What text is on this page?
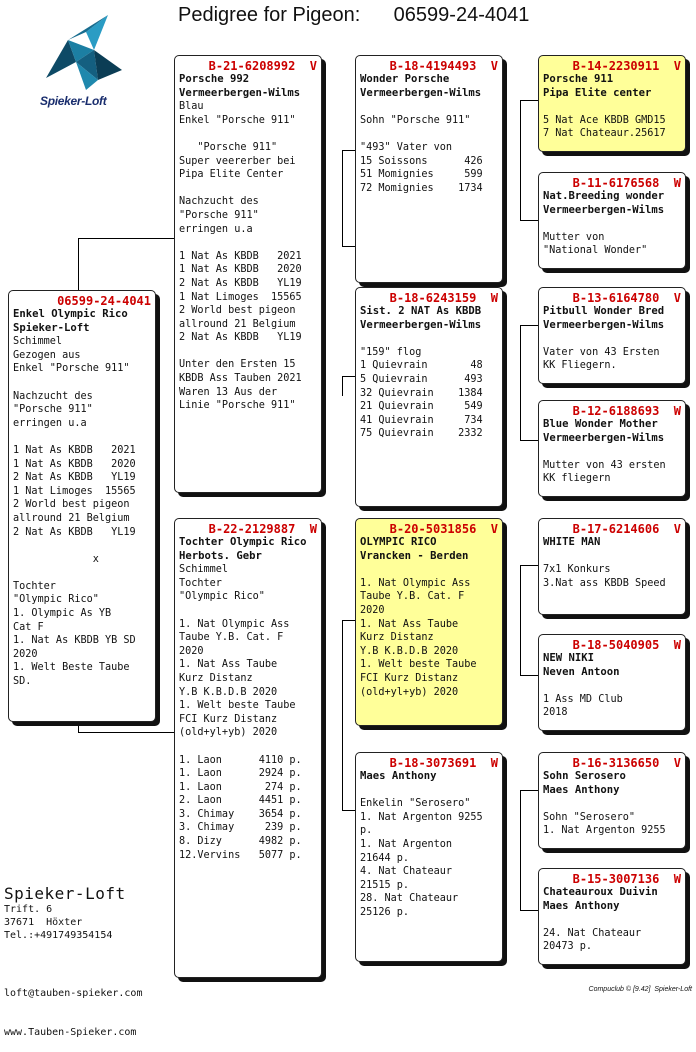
Pedigree for Pigeon:      06599-24-4041
Spieker-Loft
06599-24-4041
Enkel Olympic Rico
Spieker-Loft
Schimmel
Gezogen aus
Enkel "Porsche 911"
Nachzucht des
"Porsche 911"
erringen u.a
1 Nat As KBDB   2021
1 Nat As KBDB   2020
2 Nat As KBDB   YL19
1 Nat Limoges  15565
2 World best pigeon
allround 21 Belgium
2 Nat As KBDB   YL19
x
Tochter
"Olympic Rico"
1. Olympic As YB
Cat F
1. Nat As KBDB YB SD
2020
1. Welt Beste Taube
SD.
B-21-6208992  V
Porsche 992
Vermeerbergen-Wilms
Blau
Enkel "Porsche 911"
"Porsche 911"
Super veererber bei
Pipa Elite Center
Nachzucht des
"Porsche 911"
erringen u.a
1 Nat As KBDB   2021
1 Nat As KBDB   2020
2 Nat As KBDB   YL19
1 Nat Limoges  15565
2 World best pigeon
allround 21 Belgium
2 Nat As KBDB   YL19
Unter den Ersten 15
KBDB Ass Tauben 2021
Waren 13 Aus der
Linie "Porsche 911"
B-22-2129887  W
Tochter Olympic Rico
Herbots. Gebr
Schimmel
Tochter
"Olympic Rico"
1. Nat Olympic Ass
Taube Y.B. Cat. F
2020
1. Nat Ass Taube
Kurz Distanz
Y.B K.B.D.B 2020
1. Welt beste Taube
FCI Kurz Distanz
(old+yl+yb) 2020
1. Laon      4110 p.
1. Laon      2924 p.
1. Laon       274 p.
2. Laon      4451 p.
3. Chimay    3654 p.
3. Chimay     239 p.
8. Dizy      4982 p.
12.Vervins   5077 p.
B-18-4194493  V
Wonder Porsche
Vermeerbergen-Wilms
Sohn "Porsche 911"
"493" Vater von
15 Soissons      426
51 Momignies     599
72 Momignies    1734
B-18-6243159  W
Sist. 2 NAT As KBDB
Vermeerbergen-Wilms
"159" flog
1 Quievrain       48
5 Quievrain      493
32 Quievrain    1384
21 Quievrain     549
41 Quievrain     734
75 Quievrain    2332
B-20-5031856  V
OLYMPIC RICO
Vrancken - Berden
1. Nat Olympic Ass
Taube Y.B. Cat. F
2020
1. Nat Ass Taube
Kurz Distanz
Y.B K.B.D.B 2020
1. Welt beste Taube
FCI Kurz Distanz
(old+yl+yb) 2020
B-18-3073691  W
Maes Anthony
Enkelin "Serosero"
1. Nat Argenton 9255
p.
1. Nat Argenton
21644 p.
4. Nat Chateaur
21515 p.
28. Nat Chateaur
25126 p.
B-14-2230911  V
Porsche 911
Pipa Elite center
5 Nat Ace KBDB GMD15
7 Nat Chateaur.25617
B-11-6176568  W
Nat.Breeding wonder
Vermeerbergen-Wilms
Mutter von
"National Wonder"
B-13-6164780  V
Pitbull Wonder Bred
Vermeerbergen-Wilms
Vater von 43 Ersten
KK Fliegern.
B-12-6188693  W
Blue Wonder Mother
Vermeerbergen-Wilms
Mutter von 43 ersten
KK fliegern
B-17-6214606  V
WHITE MAN
7x1 Konkurs
3.Nat ass KBDB Speed
B-18-5040905  W
NEW NIKI
Neven Antoon
1 Ass MD Club
2018
B-16-3136650  V
Sohn Serosero
Maes Anthony
Sohn "Serosero"
1. Nat Argenton 9255
B-15-3007136  W
Chateauroux Duivin
Maes Anthony
24. Nat Chateaur
20473 p.
Spieker-Loft
Trift. 6
37671  Höxter
Tel.:+491749354154

loft@tauben-spieker.com

www.Tauben-Spieker.com

Compuclub © [9.42]  Spieker-Loft
